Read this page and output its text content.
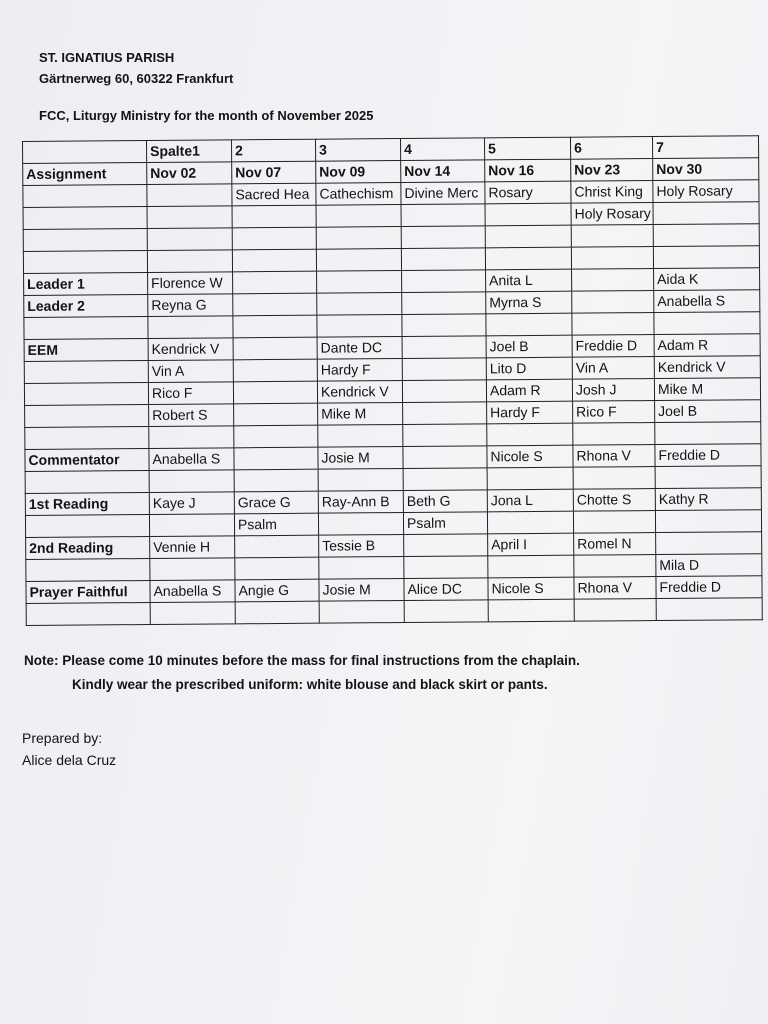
ST. IGNATIUS PARISH
Gärtnerweg 60, 60322 Frankfurt
FCC, Liturgy Ministry for the month of November 2025
	Spalte1	2	3	4	5	6	7
Assignment	Nov 02	Nov 07	Nov 09	Nov 14	Nov 16	Nov 23	Nov 30
		Sacred Hea	Cathechism	Divine Merc	Rosary	Christ King	Holy Rosary
						Holy Rosary	

Leader 1	Florence W				Anita L		Aida K
Leader 2	Reyna G				Myrna S		Anabella S

EEM	Kendrick V		Dante DC		Joel B	Freddie D	Adam R
	Vin A		Hardy F		Lito D	Vin A	Kendrick V
	Rico F		Kendrick V		Adam R	Josh J	Mike M
	Robert S		Mike M		Hardy F	Rico F	Joel B

Commentator	Anabella S		Josie M		Nicole S	Rhona V	Freddie D

1st Reading	Kaye J	Grace G	Ray-Ann B	Beth G	Jona L	Chotte S	Kathy R
		Psalm		Psalm			
2nd Reading	Vennie H		Tessie B		April I	Romel N	
							Mila D
Prayer Faithful	Anabella S	Angie G	Josie M	Alice DC	Nicole S	Rhona V	Freddie D

Note: Please come 10 minutes before the mass for final instructions from the chaplain.
Kindly wear the prescribed uniform: white blouse and black skirt or pants.
Prepared by:
Alice dela Cruz
